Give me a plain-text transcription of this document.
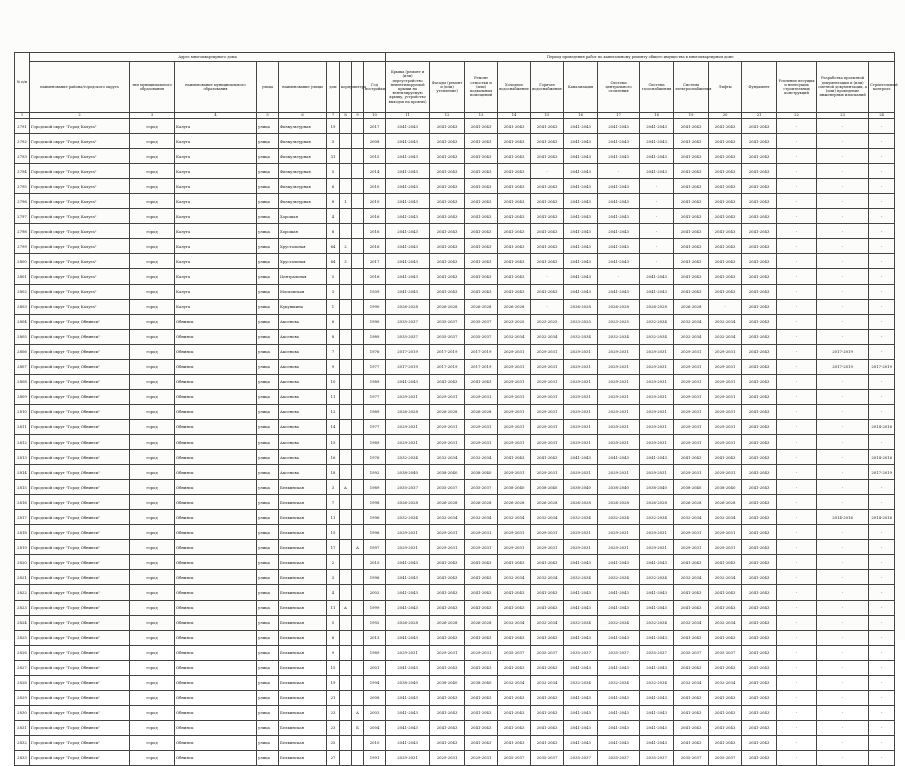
№ п/п	Адрес многоквартирного дома									Период проведения работ по капитальному ремонту общего имущества в многоквартирном доме													
	наименование района/городского округа	тип муниципального образования	наименование муниципального образования	улица	наименование улицы	дом	корпус	литера	Год постройки	Крыша (ремонт и (или) переустройство невентилируемой крыши на вентилируемую крышу, устройство выходов на кровлю)	Фасады (ремонт и (или) утепление)	Ремонт отмостки и (или) подвальных помещений	Холодное водоснабжение	Горячее водоснабжение	Канализация	Система центрального отопления	Система газоснабжения	Система электроснабжения	Лифты	Фундамент	Усиление несущих и ненесущих строительных конструкций	Разработка проектной документации и (или) сметной документации, а (или) проведение инженерных изысканий	Строительный контроль
1	2	3	4	5	6	7	8	9	10	11	12	13	14	15	16	17	18	19	20	21	22	23	24
2791	Городской округ "Город Калуга"	город	Калуга	улица	Физкультурная	19			2017	2041-2043	2041-2043	2041-2043	2041-2043	2041-2043	2041-2043	2041-2043	2041-2043	2041-2043	2041-2043	2041-2043	-	-	-
2792	Городской округ "Город Калуга"	город	Калуга	улица	Физкультурная	3			2008	2041-2043	2041-2043	2041-2043	2041-2043	2041-2043	2041-2043	2041-2043	2041-2043	2041-2043	2041-2043	2041-2043	-	-	-
2793	Городской округ "Город Калуга"	город	Калуга	улица	Физкультурная	31			2015	2041-2043	2041-2043	2041-2043	2041-2043	2041-2043	2041-2043	2041-2043	2041-2043	2041-2043	2041-2043	2041-2043	-	-	-
2794	Городской округ "Город Калуга"	город	Калуга	улица	Физкультурная	5			2014	2041-2043	2041-2043	2041-2043	2041-2043	-	2041-2043	-	2041-2043	2041-2043	2041-2043	2041-2043	-	-	-
2795	Городской округ "Город Калуга"	город	Калуга	улица	Физкультурная	6			2010	2041-2043	2041-2043	2041-2043	2041-2043	2041-2043	2041-2043	2041-2043	-	2041-2043	2041-2043	2041-2043	-	-	-
2796	Городской округ "Город Калуга"	город	Калуга	улица	Физкультурная	8	1		2010	2041-2043	2041-2043	2041-2043	2041-2043	2041-2043	2041-2043	2041-2043	-	2041-2043	2041-2043	2041-2043	-	-	-
2797	Городской округ "Город Калуга"	город	Калуга	улица	Хорошая	4			2016	2041-2043	2041-2043	2041-2043	2041-2043	2041-2043	2041-2043	2041-2043	-	2041-2043	2041-2043	2041-2043	-	-	-
2798	Городской округ "Город Калуга"	город	Калуга	улица	Хорошая	8			2016	2041-2043	2041-2043	2041-2043	2041-2043	2041-2043	2041-2043	2041-2043	-	2041-2043	2041-2043	2041-2043	-	-	-
2799	Городской округ "Город Калуга"	город	Калуга	улица	Хрустальная	64	2		2016	2041-2043	2041-2043	2041-2043	2041-2043	2041-2043	2041-2043	2041-2043	-	2041-2043	2041-2043	2041-2043	-	-	-
2800	Городской округ "Город Калуга"	город	Калуга	улица	Хрустальная	64	3		2017	2041-2043	2041-2043	2041-2043	2041-2043	2041-2043	2041-2043	2041-2043	-	2041-2043	2041-2043	2041-2043	-	-	-
2801	Городской округ "Город Калуга"	город	Калуга	улица	Центральная	5			2016	2041-2043	2041-2043	2041-2043	2041-2043	-	2041-2043	-	2041-2043	2041-2043	2041-2043	2041-2043	-	-	-
2802	Городской округ "Город Калуга"	город	Калуга	улица	Московская	3			1939	2041-2043	2041-2043	2041-2043	2041-2043	2041-2043	2041-2043	2041-2043	2041-2043	2041-2043	2041-2043	2041-2043	-	-	-
2803	Городской округ "Город Калуга"	город	Калуга	улица	Кукушкина	1			1990	2026-2028	2026-2028	2026-2028	2026-2028	-	2026-2028	2026-2028	2026-2028	2026-2028	-	2041-2043	-	-	-
2804	Городской округ "Город Обнинск"	город	Обнинск	улица	Аксенова	6			1990	2035-2037	2035-2037	2035-2037	2023-2025	2023-2025	2023-2025	2023-2025	2032-2034	2032-2034	2032-2034	2041-2043	-	-	-
2805	Городской округ "Город Обнинск"	город	Обнинск	улица	Аксенова	8			1989	2035-2037	2035-2037	2035-2037	2032-2034	2032-2034	2032-2034	2032-2034	2032-2034	2032-2034	2032-2034	2041-2043	-	-	-
2806	Городской округ "Город Обнинск"	город	Обнинск	улица	Аксенова	7			1976	2017-2019	2017-2019	2017-2019	2029-2031	2029-2031	2029-2031	2029-2031	2029-2031	2029-2031	2029-2031	2041-2043	-	2017-2019	-
2807	Городской округ "Город Обнинск"	город	Обнинск	улица	Аксенова	9			1977	2017-2019	2017-2019	2017-2019	2029-2031	2029-2031	2029-2031	2029-2031	2029-2031	2029-2031	2029-2031	2041-2043	-	2017-2019	2017-2019
2808	Городской округ "Город Обнинск"	город	Обнинск	улица	Аксенова	10			1989	2041-2043	2041-2043	2041-2043	2029-2031	2029-2031	2029-2031	2029-2031	2029-2031	2029-2031	2029-2031	2041-2043	-	-	-
2809	Городской округ "Город Обнинск"	город	Обнинск	улица	Аксенова	11			1977	2029-2031	2029-2031	2029-2031	2029-2031	2029-2031	2029-2031	2029-2031	2029-2031	2029-2031	2029-2031	2041-2043	-	-	-
2810	Городской округ "Город Обнинск"	город	Обнинск	улица	Аксенова	12			1989	2026-2028	2026-2028	2026-2028	2029-2031	2029-2031	2029-2031	2029-2031	2029-2031	2029-2031	2029-2031	2041-2043	-	-	-
2811	Городской округ "Город Обнинск"	город	Обнинск	улица	Аксенова	14			1977	2029-2031	2029-2031	2029-2031	2029-2031	2029-2031	2029-2031	2029-2031	2029-2031	2029-2031	2029-2031	2041-2043	-	-	2014-2016
2812	Городской округ "Город Обнинск"	город	Обнинск	улица	Аксенова	15			1989	2029-2031	2029-2031	2029-2031	2029-2031	2029-2031	2029-2031	2029-2031	2029-2031	2029-2031	2029-2031	2041-2043	-	-	-
2813	Городской округ "Город Обнинск"	город	Обнинск	улица	Аксенова	16			1976	2032-2034	2032-2034	2032-2034	2041-2043	2041-2043	2041-2043	2041-2043	2041-2043	2041-2043	2041-2043	2041-2043	-	-	2014-2016
2814	Городской округ "Город Обнинск"	город	Обнинск	улица	Аксенова	18			1992	2038-2040	2038-2040	2038-2040	2029-2031	2029-2031	2029-2031	2029-2031	2029-2031	2029-2031	2029-2031	2041-2043	-	-	2017-2019
2815	Городской округ "Город Обнинск"	город	Обнинск	улица	Белкинская	3	А		1989	2035-2037	2035-2037	2035-2037	2038-2040	2038-2040	2038-2040	2038-2040	2038-2040	2038-2040	2038-2040	2041-2043	-	-	-
2816	Городской округ "Город Обнинск"	город	Обнинск	улица	Белкинская	7			1998	2026-2028	2026-2028	2026-2028	2026-2028	2026-2028	2026-2028	2026-2028	2026-2028	2026-2028	2026-2028	2041-2043	-	-	-
2817	Городской округ "Город Обнинск"	город	Обнинск	улица	Белкинская	11			1996	2032-2034	2032-2034	2032-2034	2032-2034	2032-2034	2032-2034	2032-2034	2032-2034	2032-2034	2032-2034	2041-2043	-	2014-2016	2014-2016
2818	Городской округ "Город Обнинск"	город	Обнинск	улица	Белкинская	15			1996	2029-2031	2029-2031	2029-2031	2029-2031	2029-2031	2029-2031	2029-2031	2029-2031	2029-2031	2029-2031	2041-2043	-	-	-
2819	Городской округ "Город Обнинск"	город	Обнинск	улица	Белкинская	17		А	1997	2029-2031	2029-2031	2029-2031	2029-2031	2029-2031	2029-2031	2029-2031	2029-2031	2029-2031	2029-2031	2041-2043	-	-	-
2820	Городской округ "Город Обнинск"	город	Обнинск	улица	Белкинская	2			2015	2041-2043	2041-2043	2041-2043	2041-2043	2041-2043	2041-2043	2041-2043	2041-2043	2041-2043	2041-2043	2041-2043	-	-	-
2821	Городской округ "Город Обнинск"	город	Обнинск	улица	Белкинская	3			1996	2041-2043	2041-2043	2041-2043	2032-2034	2032-2034	2032-2034	2032-2034	2032-2034	2032-2034	2032-2034	2041-2043	-	-	-
2822	Городской округ "Город Обнинск"	город	Обнинск	улица	Белкинская	4			2002	2041-2043	2041-2043	2041-2043	2041-2043	2041-2043	2041-2043	2041-2043	2041-2043	2041-2043	2041-2043	2041-2043	-	-	-
2823	Городской округ "Город Обнинск"	город	Обнинск	улица	Белкинская	11	А		1999	2041-2043	2041-2043	2041-2043	2041-2043	2041-2043	2041-2043	2041-2043	2041-2043	2041-2043	2041-2043	2041-2043	-	-	-
2824	Городской округ "Город Обнинск"	город	Обнинск	улица	Белкинская	5			1992	2026-2028	2026-2028	2026-2028	2032-2034	2032-2034	2032-2034	2032-2034	2032-2034	2032-2034	2032-2034	2041-2043	-	-	-
2825	Городской округ "Город Обнинск"	город	Обнинск	улица	Белкинская	6			2013	2041-2043	2041-2043	2041-2043	2041-2043	2041-2043	2041-2043	2041-2043	2041-2043	2041-2043	2041-2043	2041-2043	-	-	-
2826	Городской округ "Город Обнинск"	город	Обнинск	улица	Белкинская	9			1989	2029-2031	2029-2031	2029-2031	2035-2037	2035-2037	2035-2037	2035-2037	2035-2037	2035-2037	2035-2037	2041-2043	-	-	-
2827	Городской округ "Город Обнинск"	город	Обнинск	улица	Белкинская	15			2001	2041-2043	2041-2043	2041-2043	2041-2043	2041-2043	2041-2043	2041-2043	2041-2043	2041-2043	2041-2043	2041-2043	-	-	-
2828	Городской округ "Город Обнинск"	город	Обнинск	улица	Белкинская	19			1994	2038-2040	2038-2040	2038-2040	2032-2034	2032-2034	2032-2034	2032-2034	2032-2034	2032-2034	2032-2034	2041-2043	-	-	-
2829	Городской округ "Город Обнинск"	город	Обнинск	улица	Белкинская	21			2008	2041-2043	2041-2043	2041-2043	2041-2043	2041-2043	2041-2043	2041-2043	2041-2043	2041-2043	2041-2043	2041-2043	-	-	-
2830	Городской округ "Город Обнинск"	город	Обнинск	улица	Белкинская	23		А	2003	2041-2043	2041-2043	2041-2043	2041-2043	2041-2043	2041-2043	2041-2043	2041-2043	2041-2043	2041-2043	2041-2043	-	-	-
2831	Городской округ "Город Обнинск"	город	Обнинск	улица	Белкинская	23		Б	2004	2041-2043	2041-2043	2041-2043	2041-2043	2041-2043	2041-2043	2041-2043	2041-2043	2041-2043	2041-2043	2041-2043	-	-	-
2832	Городской округ "Город Обнинск"	город	Обнинск	улица	Белкинская	25			2010	2041-2043	2041-2043	2041-2043	2041-2043	2041-2043	2041-2043	2041-2043	2041-2043	2041-2043	2041-2043	2041-2043	-	-	-
2833	Городской округ "Город Обнинск"	город	Обнинск	улица	Белкинская	27			1991	2029-2031	2029-2031	2029-2031	2035-2037	2035-2037	2035-2037	2035-2037	2035-2037	2035-2037	2035-2037	2041-2043	-	-	-
